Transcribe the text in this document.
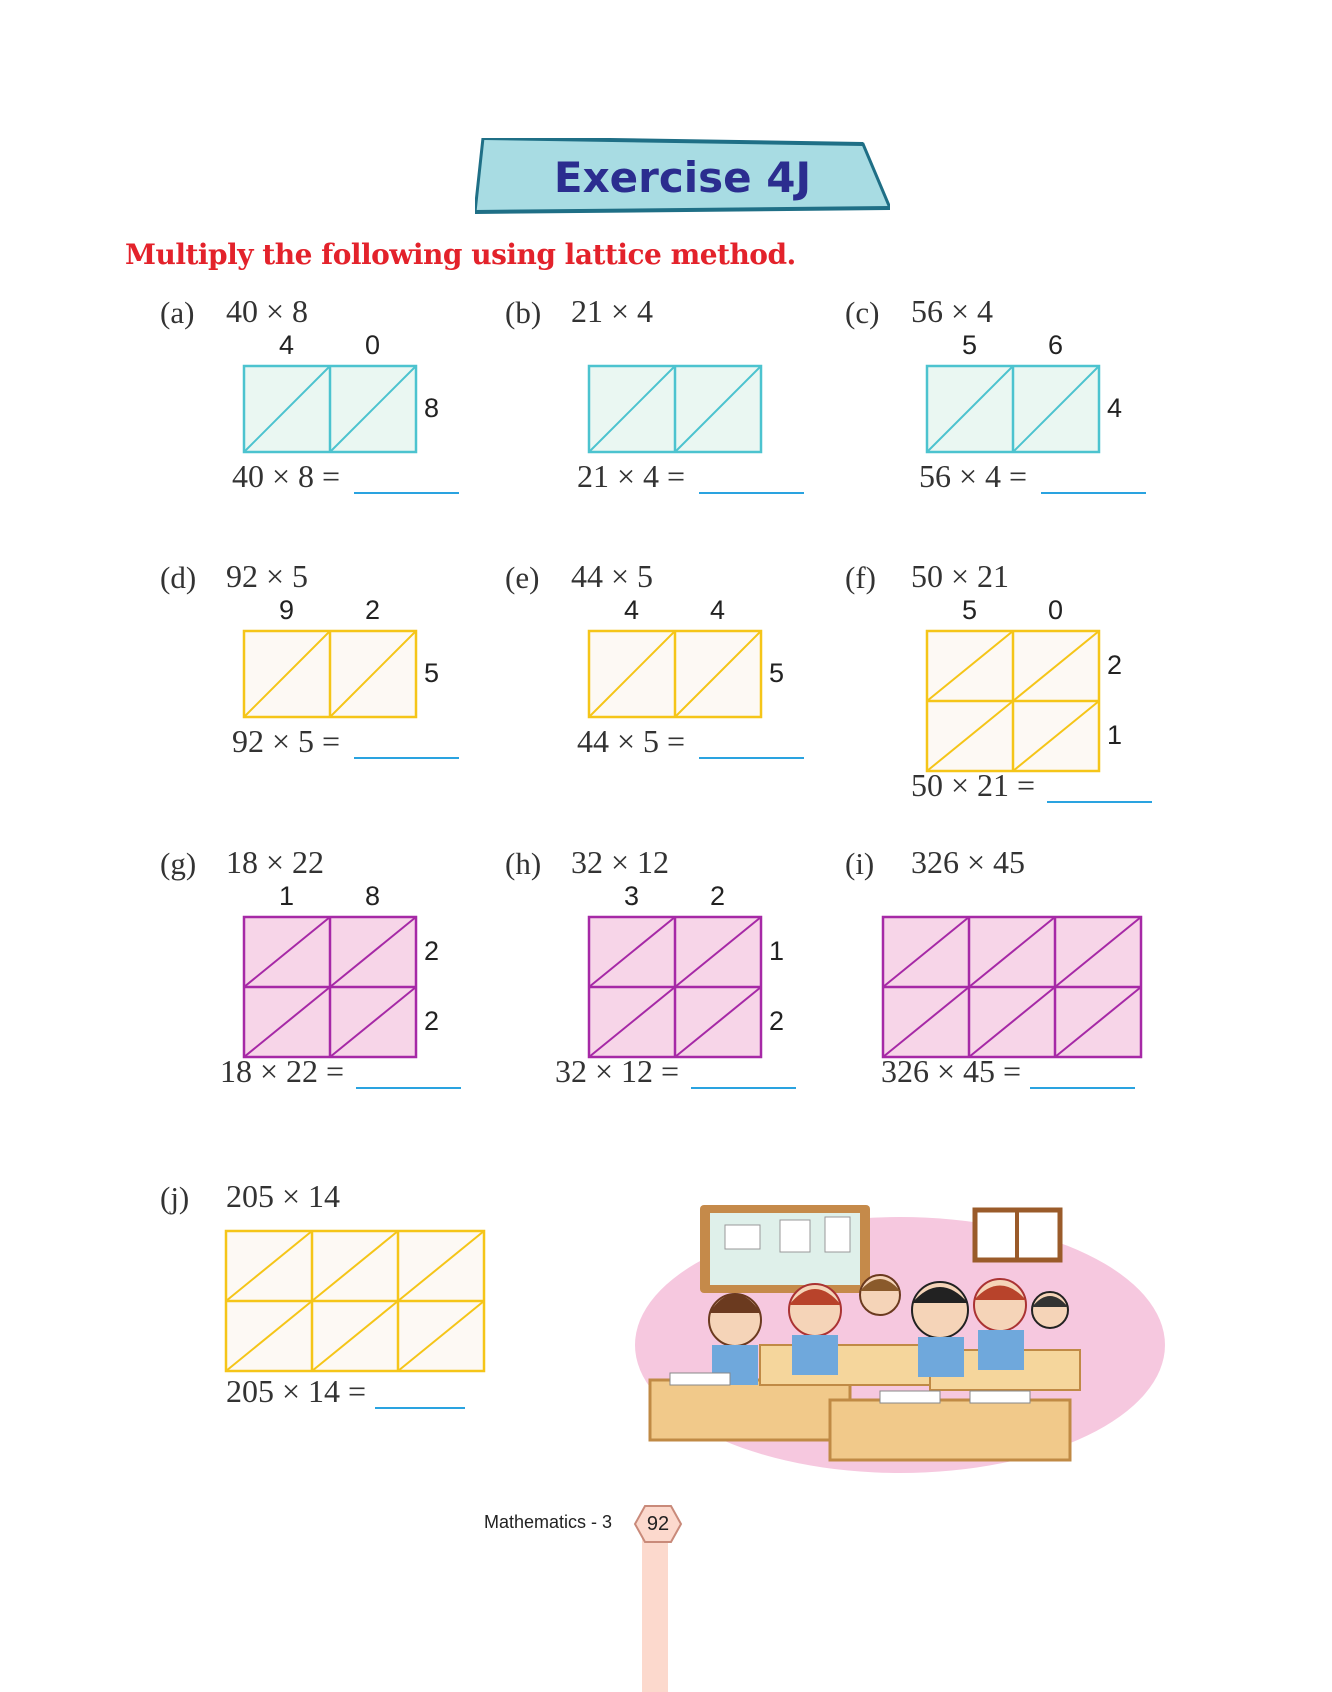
Exercise 4J
Multiply the following using lattice method.
(a) 40 × 8
4	0
8
40 × 8 =
(b) 21 × 4
21 × 4 =
(c) 56 × 4
5	6
4
56 × 4 =
(d) 92 × 5
9	2
5
92 × 5 =
(e) 44 × 5
4	4
5
44 × 5 =
(f) 50 × 21
5	0
2
1
50 × 21 =
(g) 18 × 22
1	8
2
2
18 × 22 =
(h) 32 × 12
3	2
1
2
32 × 12 =
(i) 326 × 45
326 × 45 =
(j) 205 × 14
205 × 14 =
Mathematics - 3	92
